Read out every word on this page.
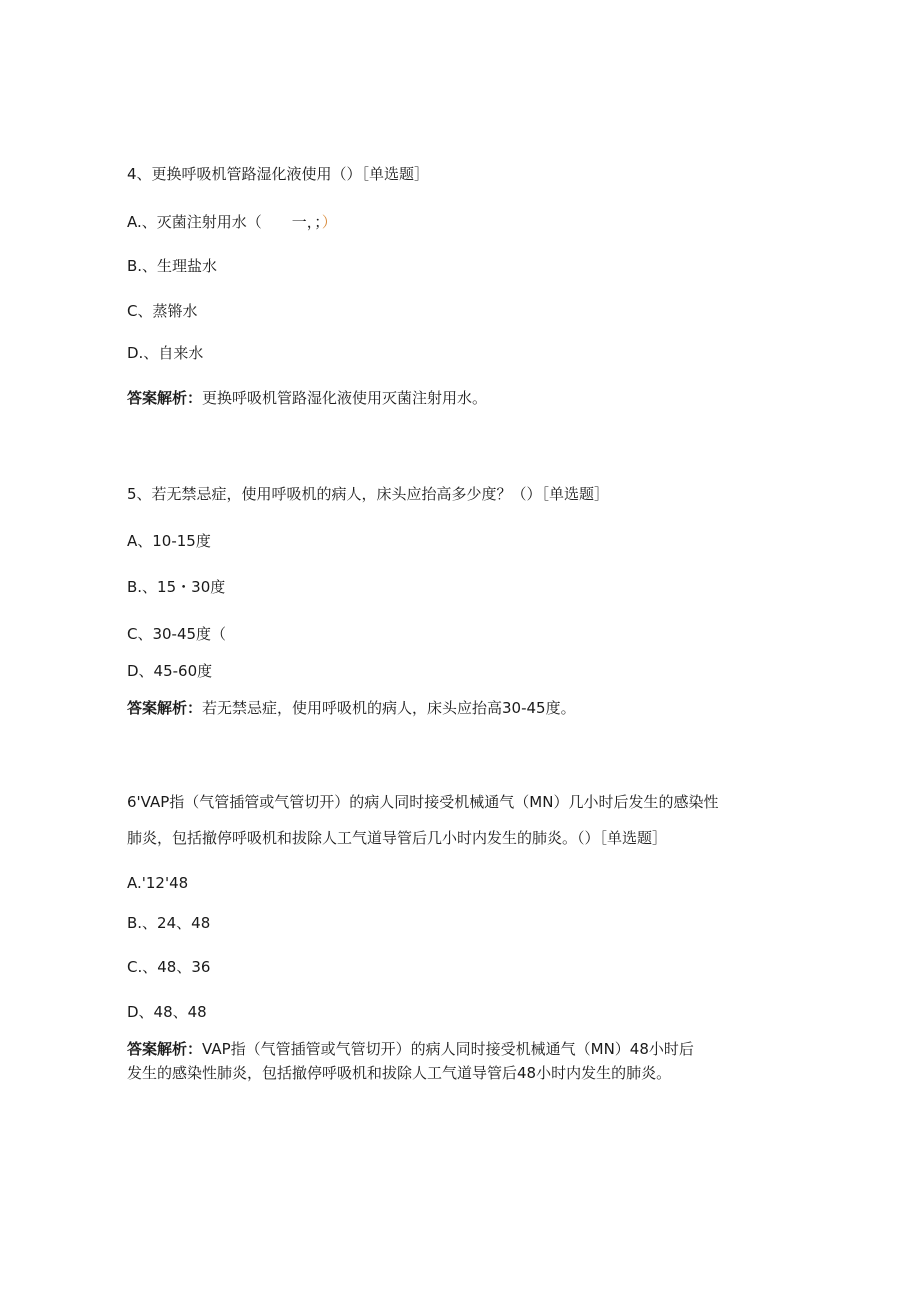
4、更换呼吸机管路湿化液使用（）［单选题］
A.、灭菌注射用水（　　一，；）
B.、生理盐水
C、蒸锵水
D.、自来水
答案解析：更换呼吸机管路湿化液使用灭菌注射用水。
5、若无禁忌症，使用呼吸机的病人，床头应抬高多少度？（）［单选题］
A、10-15度
B.、15・30度
C、30-45度（
D、45-60度
答案解析：若无禁忌症，使用呼吸机的病人，床头应抬高30-45度。
6'VAP指（气管插管或气管切开）的病人同时接受机械通气（MN）几小时后发生的感染性
肺炎，包括撤停呼吸机和拔除人工气道导管后几小时内发生的肺炎。（）［单选题］
A.'12'48
B.、24、48
C.、48、36
D、48、48
答案解析：VAP指（气管插管或气管切开）的病人同时接受机械通气（MN）48小时后
发生的感染性肺炎，包括撤停呼吸机和拔除人工气道导管后48小时内发生的肺炎。
